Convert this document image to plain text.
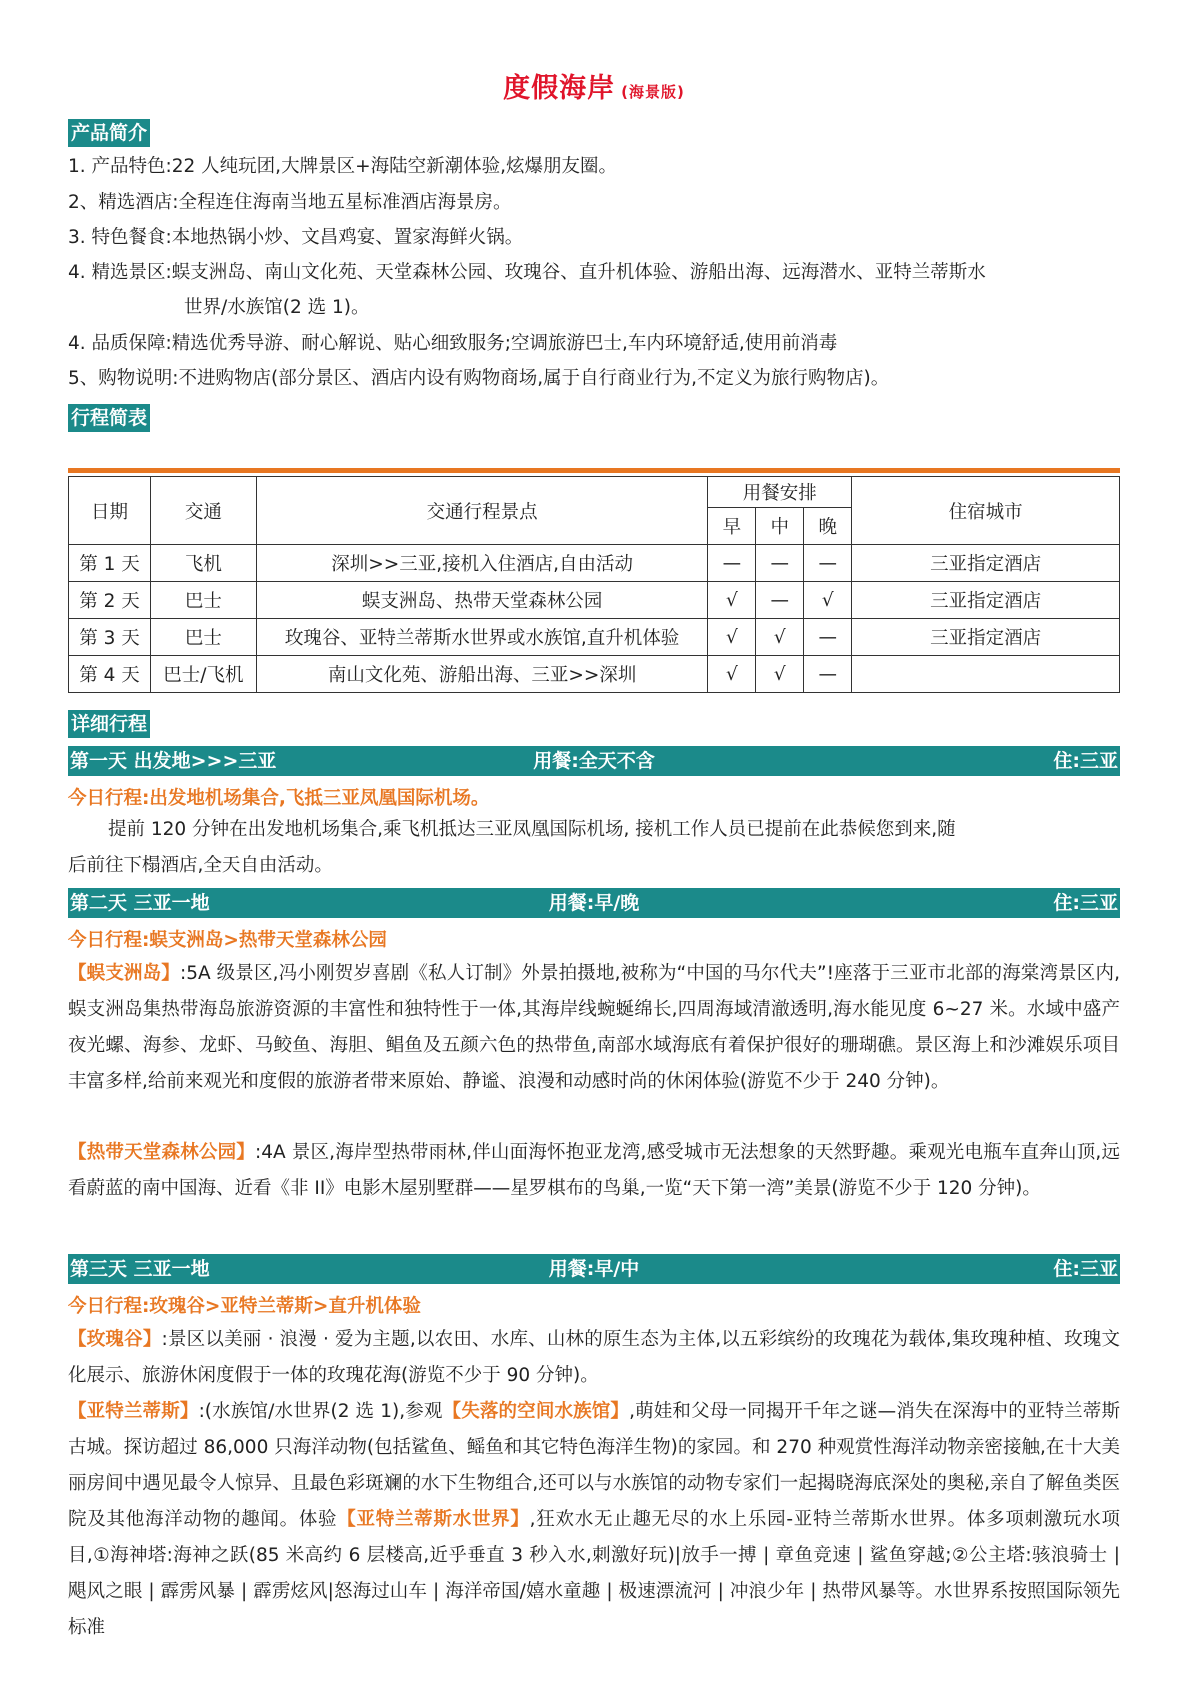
度假海岸 (海景版)
产品简介
1. 产品特色:22 人纯玩团,大牌景区+海陆空新潮体验,炫爆朋友圈。
2、精选酒店:全程连住海南当地五星标准酒店海景房。
3. 特色餐食:本地热锅小炒、文昌鸡宴、置家海鲜火锅。
4. 精选景区:蜈支洲岛、南山文化苑、天堂森林公园、玫瑰谷、直升机体验、游船出海、远海潜水、亚特兰蒂斯水
世界/水族馆(2 选 1)。
4. 品质保障:精选优秀导游、耐心解说、贴心细致服务;空调旅游巴士,车内环境舒适,使用前消毒
5、购物说明:不进购物店(部分景区、酒店内设有购物商场,属于自行商业行为,不定义为旅行购物店)。
行程简表
日期	交通	交通行程景点	用餐安排			住宿城市
			早	中	晚	
第 1 天	飞机	深圳>>三亚,接机入住酒店,自由活动	—	—	—	三亚指定酒店
第 2 天	巴士	蜈支洲岛、热带天堂森林公园	√	—	√	三亚指定酒店
第 3 天	巴士	玫瑰谷、亚特兰蒂斯水世界或水族馆,直升机体验	√	√	—	三亚指定酒店
第 4 天	巴士/飞机	南山文化苑、游船出海、三亚>>深圳	√	√	—	
详细行程
第一天 出发地>>>三亚	用餐:全天不含	住:三亚
今日行程:出发地机场集合,飞抵三亚凤凰国际机场。
提前 120 分钟在出发地机场集合,乘飞机抵达三亚凤凰国际机场, 接机工作人员已提前在此恭候您到来,随

后前往下榻酒店,全天自由活动。
第二天 三亚一地	用餐:早/晚	住:三亚
今日行程:蜈支洲岛>热带天堂森林公园
【蜈支洲岛】:5A 级景区,冯小刚贺岁喜剧《私人订制》外景拍摄地,被称为“中国的马尔代夫”!座落于三亚市北部的海棠湾景区内,蜈支洲岛集热带海岛旅游资源的丰富性和独特性于一体,其海岸线蜿蜒绵长,四周海域清澈透明,海水能见度 6~27 米。水域中盛产夜光螺、海参、龙虾、马鲛鱼、海胆、鲳鱼及五颜六色的热带鱼,南部水域海底有着保护很好的珊瑚礁。景区海上和沙滩娱乐项目丰富多样,给前来观光和度假的旅游者带来原始、静谧、浪漫和动感时尚的休闲体验(游览不少于 240 分钟)。
【热带天堂森林公园】:4A 景区,海岸型热带雨林,伴山面海怀抱亚龙湾,感受城市无法想象的天然野趣。乘观光电瓶车直奔山顶,远看蔚蓝的南中国海、近看《非 II》电影木屋别墅群——星罗棋布的鸟巢,一览“天下第一湾”美景(游览不少于 120 分钟)。
第三天 三亚一地	用餐:早/中	住:三亚
今日行程:玫瑰谷>亚特兰蒂斯>直升机体验
【玫瑰谷】:景区以美丽 · 浪漫 · 爱为主题,以农田、水库、山林的原生态为主体,以五彩缤纷的玫瑰花为载体,集玫瑰种植、玫瑰文化展示、旅游休闲度假于一体的玫瑰花海(游览不少于 90 分钟)。
【亚特兰蒂斯】:(水族馆/水世界(2 选 1),参观【失落的空间水族馆】,萌娃和父母一同揭开千年之谜—消失在深海中的亚特兰蒂斯古城。探访超过 86,000 只海洋动物(包括鲨鱼、鳐鱼和其它特色海洋生物)的家园。和 270 种观赏性海洋动物亲密接触,在十大美丽房间中遇见最令人惊异、且最色彩斑斓的水下生物组合,还可以与水族馆的动物专家们一起揭晓海底深处的奥秘,亲自了解鱼类医院及其他海洋动物的趣闻。体验【亚特兰蒂斯水世界】,狂欢水无止趣无尽的水上乐园-亚特兰蒂斯水世界。体多项刺激玩水项目,①海神塔:海神之跃(85 米高约 6 层楼高,近乎垂直 3 秒入水,刺激好玩)|放手一搏 | 章鱼竞速 | 鲨鱼穿越;②公主塔:骇浪骑士 | 飓风之眼 | 霹雳风暴 | 霹雳炫风|怒海过山车 | 海洋帝国/嬉水童趣 | 极速漂流河 | 冲浪少年 | 热带风暴等。水世界系按照国际领先标准
